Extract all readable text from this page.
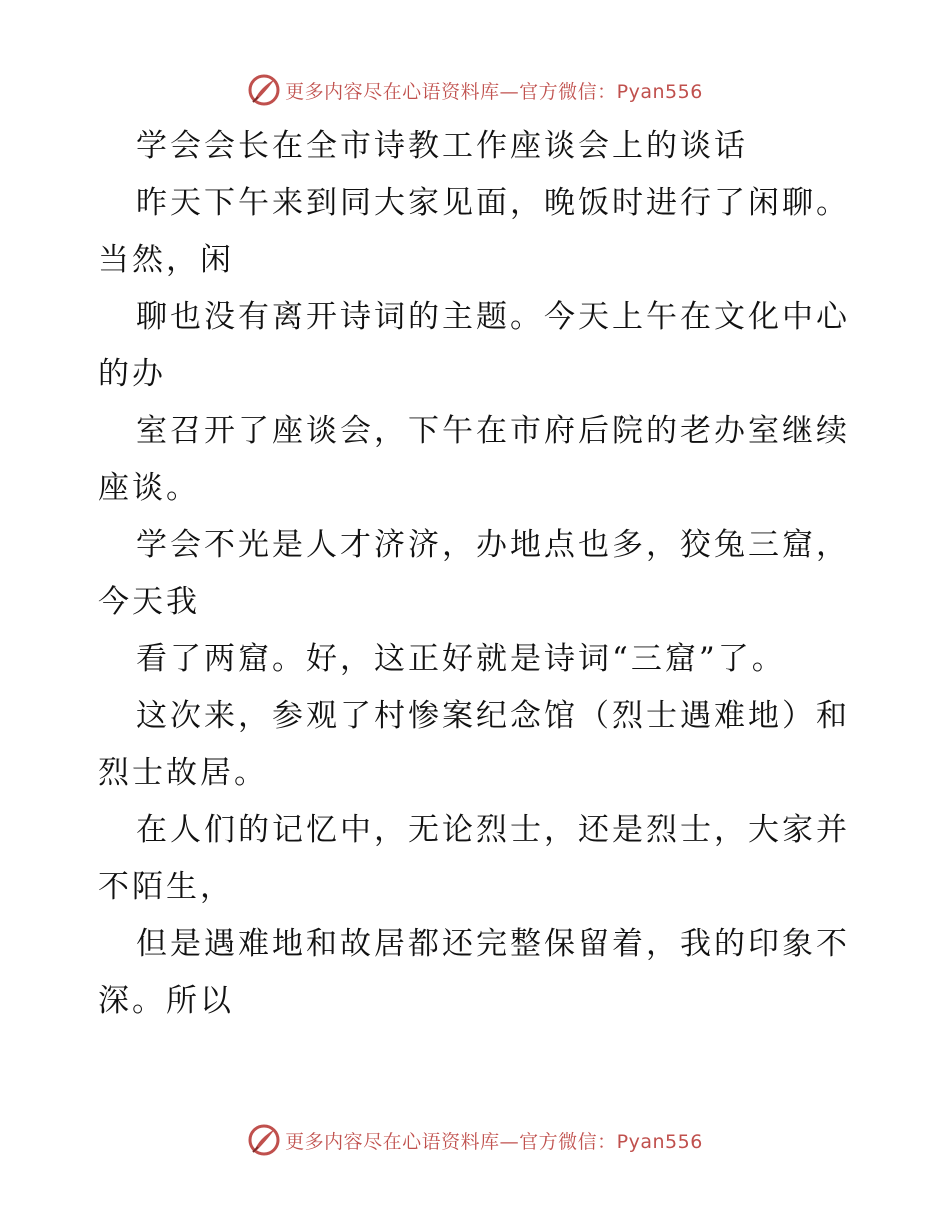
更多内容尽在心语资料库—官方微信：Pyan556
学会会长在全市诗教工作座谈会上的谈话
昨天下午来到同大家见面，晚饭时进行了闲聊。
当然，闲
聊也没有离开诗词的主题。今天上午在文化中心
的办
室召开了座谈会，下午在市府后院的老办室继续
座谈。
学会不光是人才济济，办地点也多，狡兔三窟，
今天我
看了两窟。好，这正好就是诗词“三窟”了。
这次来，参观了村惨案纪念馆（烈士遇难地）和
烈士故居。
在人们的记忆中，无论烈士，还是烈士，大家并
不陌生，
但是遇难地和故居都还完整保留着，我的印象不
深。所以
更多内容尽在心语资料库—官方微信：Pyan556
